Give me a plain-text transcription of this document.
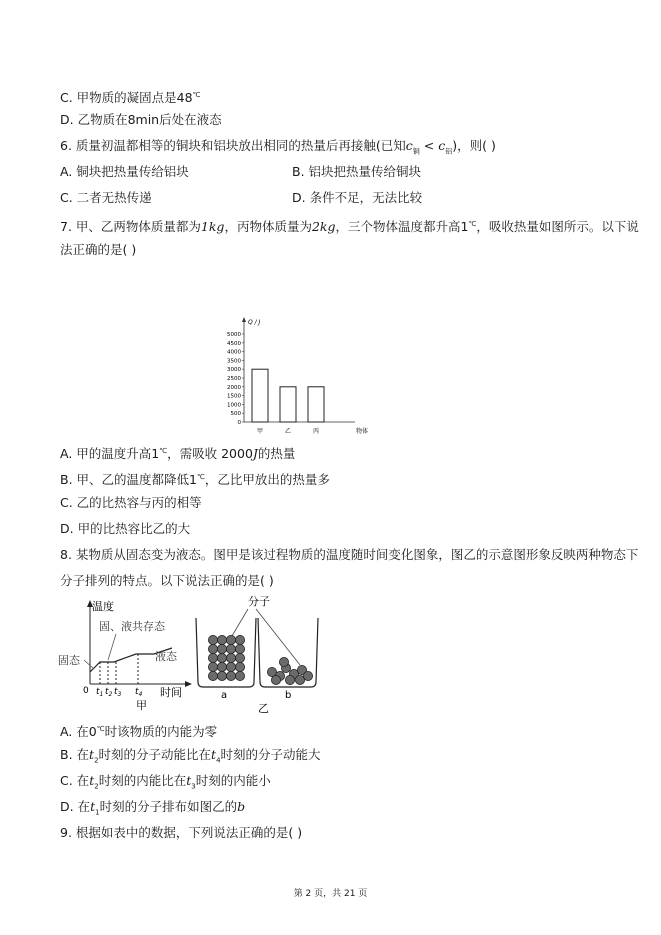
C. 甲物质的凝固点是48℃
D. 乙物质在8min后处在液态
6. 质量初温都相等的铜块和铝块放出相同的热量后再接触(已知$c_铜 < c_铝$)，则( )
A. 铜块把热量传给铝块	B. 铝块把热量传给铜块
C. 二者无热传递	D. 条件不足，无法比较
7. 甲、乙两物体质量都为1kg，丙物体质量为2kg，三个物体温度都升高1℃，吸收热量如图所示。以下说
法正确的是( )
Q / J
物体
0
500
1000
1500
2000
2500
3000
3500
4000
4500
5000
甲	乙	丙
A. 甲的温度升高1℃，需吸收 2000J的热量
B. 甲、乙的温度都降低1℃，乙比甲放出的热量多
C. 乙的比热容与丙的相等
D. 甲的比热容比乙的大
8. 某物质从固态变为液态。图甲是该过程物质的温度随时间变化图象，图乙的示意图形象反映两种物态下
分子排列的特点。以下说法正确的是( )
温度
时间
0 $t_1$ $t_2$ $t_3$ $t_4$
固态
固、液共存态
液态
甲
分子
a	b
乙
A. 在0℃时该物质的内能为零
B. 在$t_2$时刻的分子动能比在$t_4$时刻的分子动能大
C. 在$t_2$时刻的内能比在$t_3$时刻的内能小
D. 在$t_1$时刻的分子排布如图乙的b
9. 根据如表中的数据，下列说法正确的是( )
第 2 页，共 21 页
